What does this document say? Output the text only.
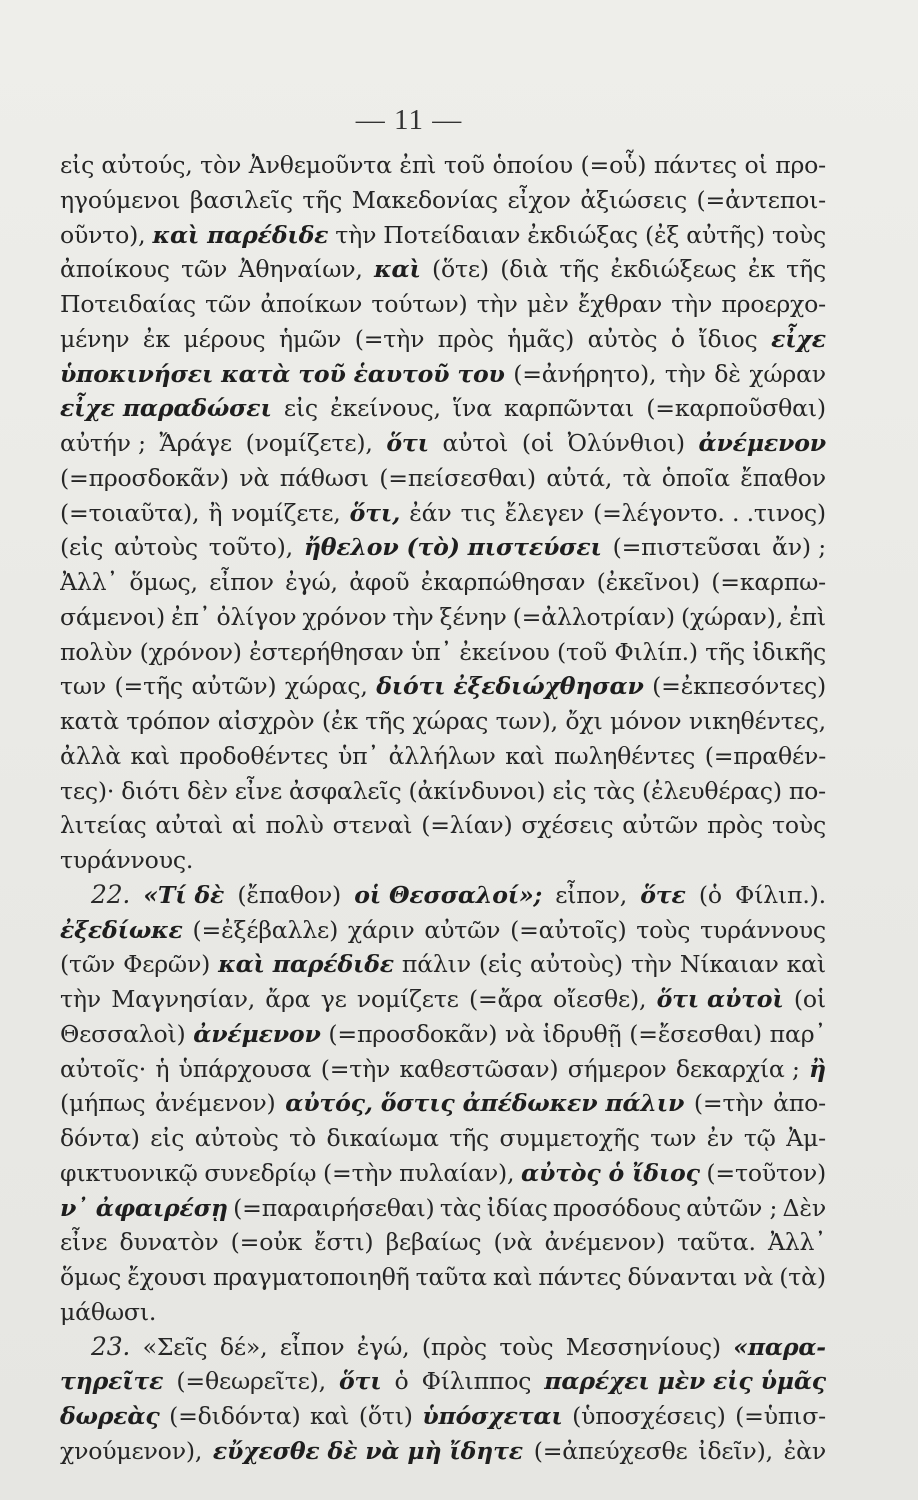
— 11 —
εἰς αὐτούς, τὸν Ἀνθεμοῦντα ἐπὶ τοῦ ὁποίου (=οὗ) πάντες οἱ προ-
ηγούμενοι βασιλεῖς τῆς Μακεδονίας εἶχον ἀξιώσεις (=ἀντεποι-
οῦντο), καὶ παρέδιδε τὴν Ποτείδαιαν ἐκδιώξας (ἐξ αὐτῆς) τοὺς
ἀποίκους τῶν Ἀθηναίων, καὶ (ὅτε) (διὰ τῆς ἐκδιώξεως ἐκ τῆς
Ποτειδαίας τῶν ἀποίκων τούτων) τὴν μὲν ἔχθραν τὴν προερχο-
μένην ἐκ μέρους ἡμῶν (=τὴν πρὸς ἡμᾶς) αὐτὸς ὁ ἴδιος εἶχε
ὑποκινήσει κατὰ τοῦ ἑαυτοῦ του (=ἀνήρητο), τὴν δὲ χώραν
εἶχε παραδώσει εἰς ἐκείνους, ἵνα καρπῶνται (=καρποῦσθαι)
αὐτήν ; Ἄράγε (νομίζετε), ὅτι αὐτοὶ (οἱ Ὀλύνθιοι) ἀνέμενον
(=προσδοκᾶν) νὰ πάθωσι (=πείσεσθαι) αὐτά, τὰ ὁποῖα ἔπαθον
(=τοιαῦτα), ἢ νομίζετε, ὅτι, ἐάν τις ἔλεγεν (=λέγοντο. . .τινος)
(εἰς αὐτοὺς τοῦτο), ἤθελον (τὸ) πιστεύσει (=πιστεῦσαι ἄν) ;
Ἀλλ᾽ ὅμως, εἶπον ἐγώ, ἀφοῦ ἐκαρπώθησαν (ἐκεῖνοι) (=καρπω-
σάμενοι) ἐπ᾽ ὀλίγον χρόνον τὴν ξένην (=ἀλλοτρίαν) (χώραν), ἐπὶ
πολὺν (χρόνον) ἐστερήθησαν ὑπ᾽ ἐκείνου (τοῦ Φιλίπ.) τῆς ἰδικῆς
των (=τῆς αὐτῶν) χώρας, διότι ἐξεδιώχθησαν (=ἐκπεσόντες)
κατὰ τρόπον αἰσχρὸν (ἐκ τῆς χώρας των), ὄχι μόνον νικηθέντες,
ἀλλὰ καὶ προδοθέντες ὑπ᾽ ἀλλήλων καὶ πωληθέντες (=πραθέν-
τες)· διότι δὲν εἶνε ἀσφαλεῖς (ἀκίνδυνοι) εἰς τὰς (ἐλευθέρας) πο-
λιτείας αὐταὶ αἱ πολὺ στεναὶ (=λίαν) σχέσεις αὐτῶν πρὸς τοὺς
τυράννους.
22. «Τί δὲ (ἔπαθον) οἱ Θεσσαλοί»; εἶπον, ὅτε (ὁ Φίλιπ.).
ἐξεδίωκε (=ἐξέβαλλε) χάριν αὐτῶν (=αὐτοῖς) τοὺς τυράννους
(τῶν Φερῶν) καὶ παρέδιδε πάλιν (εἰς αὐτοὺς) τὴν Νίκαιαν καὶ
τὴν Μαγνησίαν, ἄρα γε νομίζετε (=ἄρα οἴεσθε), ὅτι αὐτοὶ (οἱ
Θεσσαλοὶ) ἀνέμενον (=προσδοκᾶν) νὰ ἱδρυθῇ (=ἔσεσθαι) παρ᾽
αὐτοῖς· ἡ ὑπάρχουσα (=τὴν καθεστῶσαν) σήμερον δεκαρχία ; ἢ
(μήπως ἀνέμενον) αὐτός, ὅστις ἀπέδωκεν πάλιν (=τὴν ἀπο-
δόντα) εἰς αὐτοὺς τὸ δικαίωμα τῆς συμμετοχῆς των ἐν τῷ Ἀμ-
φικτυονικῷ συνεδρίῳ (=τὴν πυλαίαν), αὐτὸς ὁ ἴδιος (=τοῦτον)
ν᾽ ἀφαιρέσῃ (=παραιρήσεθαι) τὰς ἰδίας προσόδους αὐτῶν ; Δὲν
εἶνε δυνατὸν (=οὐκ ἔστι) βεβαίως (νὰ ἀνέμενον) ταῦτα. Ἀλλ᾽
ὅμως ἔχουσι πραγματοποιηθῆ ταῦτα καὶ πάντες δύνανται νὰ (τὰ)
μάθωσι.
23. «Σεῖς δέ», εἶπον ἐγώ, (πρὸς τοὺς Μεσσηνίους) «παρα-
τηρεῖτε (=θεωρεῖτε), ὅτι ὁ Φίλιππος παρέχει μὲν εἰς ὑμᾶς
δωρεὰς (=διδόντα) καὶ (ὅτι) ὑπόσχεται (ὑποσχέσεις) (=ὑπισ-
χνούμενον), εὔχεσθε δὲ νὰ μὴ ἴδητε (=ἀπεύχεσθε ἰδεῖν), ἐὰν
